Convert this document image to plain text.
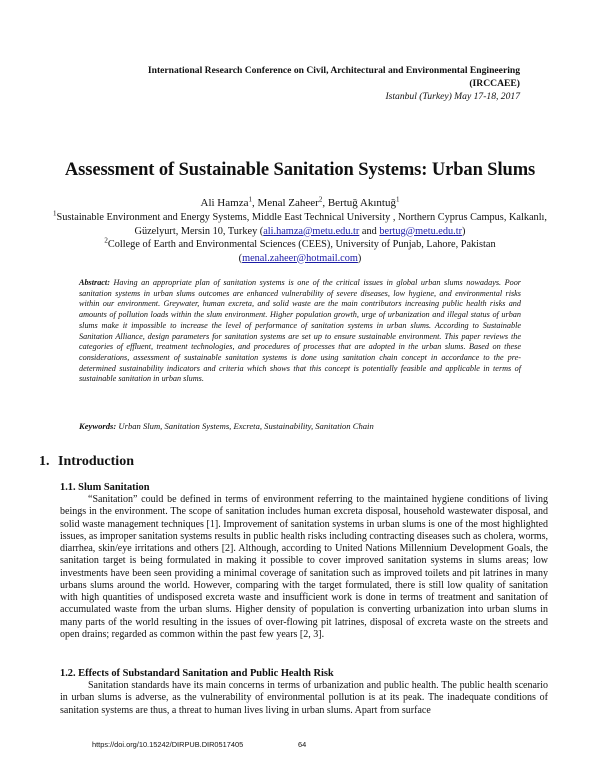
International Research Conference on Civil, Architectural and Environmental Engineering
(IRCCAEE)
Istanbul (Turkey) May 17-18, 2017
Assessment of Sustainable Sanitation Systems: Urban Slums
Ali Hamza$^1$, Menal Zaheer$^2$, Bertuğ Akıntuğ$^1$
$^1$Sustainable Environment and Energy Systems, Middle East Technical University , Northern Cyprus Campus, Kalkanlı, Güzelyurt, Mersin 10, Turkey (ali.hamza@metu.edu.tr and bertug@metu.edu.tr)
$^2$College of Earth and Environmental Sciences (CEES), University of Punjab, Lahore, Pakistan (menal.zaheer@hotmail.com)
Abstract: Having an appropriate plan of sanitation systems is one of the critical issues in global urban slums nowadays. Poor sanitation systems in urban slums outcomes are enhanced vulnerability of severe diseases, low hygiene, and environmental risks within our environment. Greywater, human excreta, and solid waste are the main contributors increasing public health risks and amounts of pollution loads within the slum environment. Higher population growth, urge of urbanization and illegal status of urban slums make it impossible to increase the level of performance of sanitation systems in urban slums. According to Sustainable Sanitation Alliance, design parameters for sanitation systems are set up to ensure sustainable environment. This paper reviews the categories of effluent, treatment technologies, and procedures of processes that are adopted in the urban slums. Based on these considerations, assessment of sustainable sanitation systems is done using sanitation chain concept in accordance to the pre-determined sustainability indicators and criteria which shows that this concept is potentially feasible and applicable in terms of sustainable sanitation in urban slums.
Keywords: Urban Slum, Sanitation Systems, Excreta, Sustainability, Sanitation Chain
1. Introduction
1.1. Slum Sanitation
“Sanitation” could be defined in terms of environment referring to the maintained hygiene conditions of living beings in the environment. The scope of sanitation includes human excreta disposal, household wastewater disposal, and solid waste management techniques [1]. Improvement of sanitation systems in urban slums is one of the most highlighted issues, as improper sanitation systems results in public health risks including contracting diseases such as cholera, worms, diarrhea, skin/eye irritations and others [2]. Although, according to United Nations Millennium Development Goals, the sanitation target is being formulated in making it possible to cover improved sanitation systems in slums areas; low investments have been seen providing a minimal coverage of sanitation such as improved toilets and pit latrines in many urbans slums around the world. However, comparing with the target formulated, there is still low quality of sanitation with high quantities of undisposed excreta waste and insufficient work is done in terms of treatment and sanitation of accumulated waste from the urban slums. Higher density of population is converting urbanization into urban slums in many parts of the world resulting in the issues of over-flowing pit latrines, disposal of excreta waste on the streets and open drains; regarded as common within the past few years [2, 3].
1.2. Effects of Substandard Sanitation and Public Health Risk
Sanitation standards have its main concerns in terms of urbanization and public health. The public health scenario in urban slums is adverse, as the vulnerability of environmental pollution is at its peak. The inadequate conditions of sanitation systems are thus, a threat to human lives living in urban slums. Apart from surface
https://doi.org/10.15242/DIRPUB.DIR0517405	64
